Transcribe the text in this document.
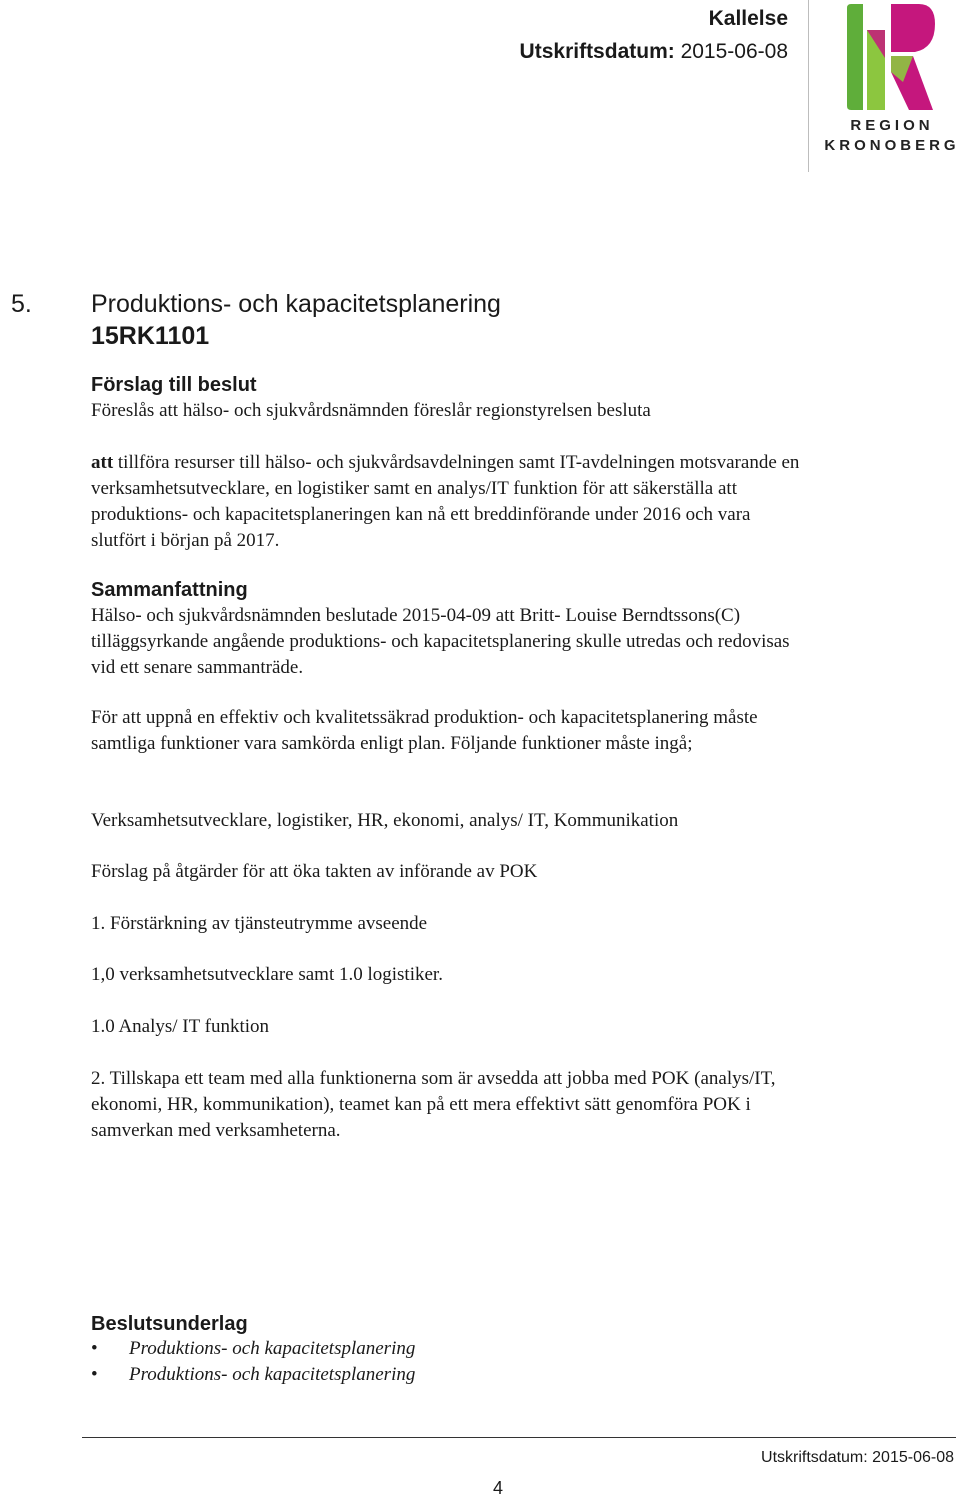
Kallelse
Utskriftsdatum: 2015-06-08
REGION
KRONOBERG
5. Produktions- och kapacitetsplanering
15RK1101
Förslag till beslut

Föreslås att hälso- och sjukvårdsnämnden föreslår regionstyrelsen besluta

att tillföra resurser till hälso- och sjukvårdsavdelningen samt IT-avdelningen motsvarande en verksamhetsutvecklare, en logistiker samt en analys/IT funktion för att säkerställa att produktions- och kapacitetsplaneringen kan nå ett breddinförande under 2016 och vara slutfört i början på 2017.

Sammanfattning

Hälso- och sjukvårdsnämnden beslutade 2015-04-09 att Britt- Louise Berndtssons(C) tilläggsyrkande angående produktions- och kapacitetsplanering skulle utredas och redovisas vid ett senare sammanträde.

För att uppnå en effektiv och kvalitetssäkrad produktion- och kapacitetsplanering måste samtliga funktioner vara samkörda enligt plan. Följande funktioner måste ingå;

Verksamhetsutvecklare, logistiker, HR, ekonomi, analys/ IT, Kommunikation

Förslag på åtgärder för att öka takten av införande av POK

1. Förstärkning av tjänsteutrymme avseende

1,0 verksamhetsutvecklare samt 1.0 logistiker.

1.0 Analys/ IT funktion

2. Tillskapa ett team med alla funktionerna som är avsedda att jobba med POK (analys/IT, ekonomi, HR, kommunikation), teamet kan på ett mera effektivt sätt genomföra POK i samverkan med verksamheterna.

Beslutsunderlag
• Produktions- och kapacitetsplanering
• Produktions- och kapacitetsplanering
Utskriftsdatum: 2015-06-08
4
